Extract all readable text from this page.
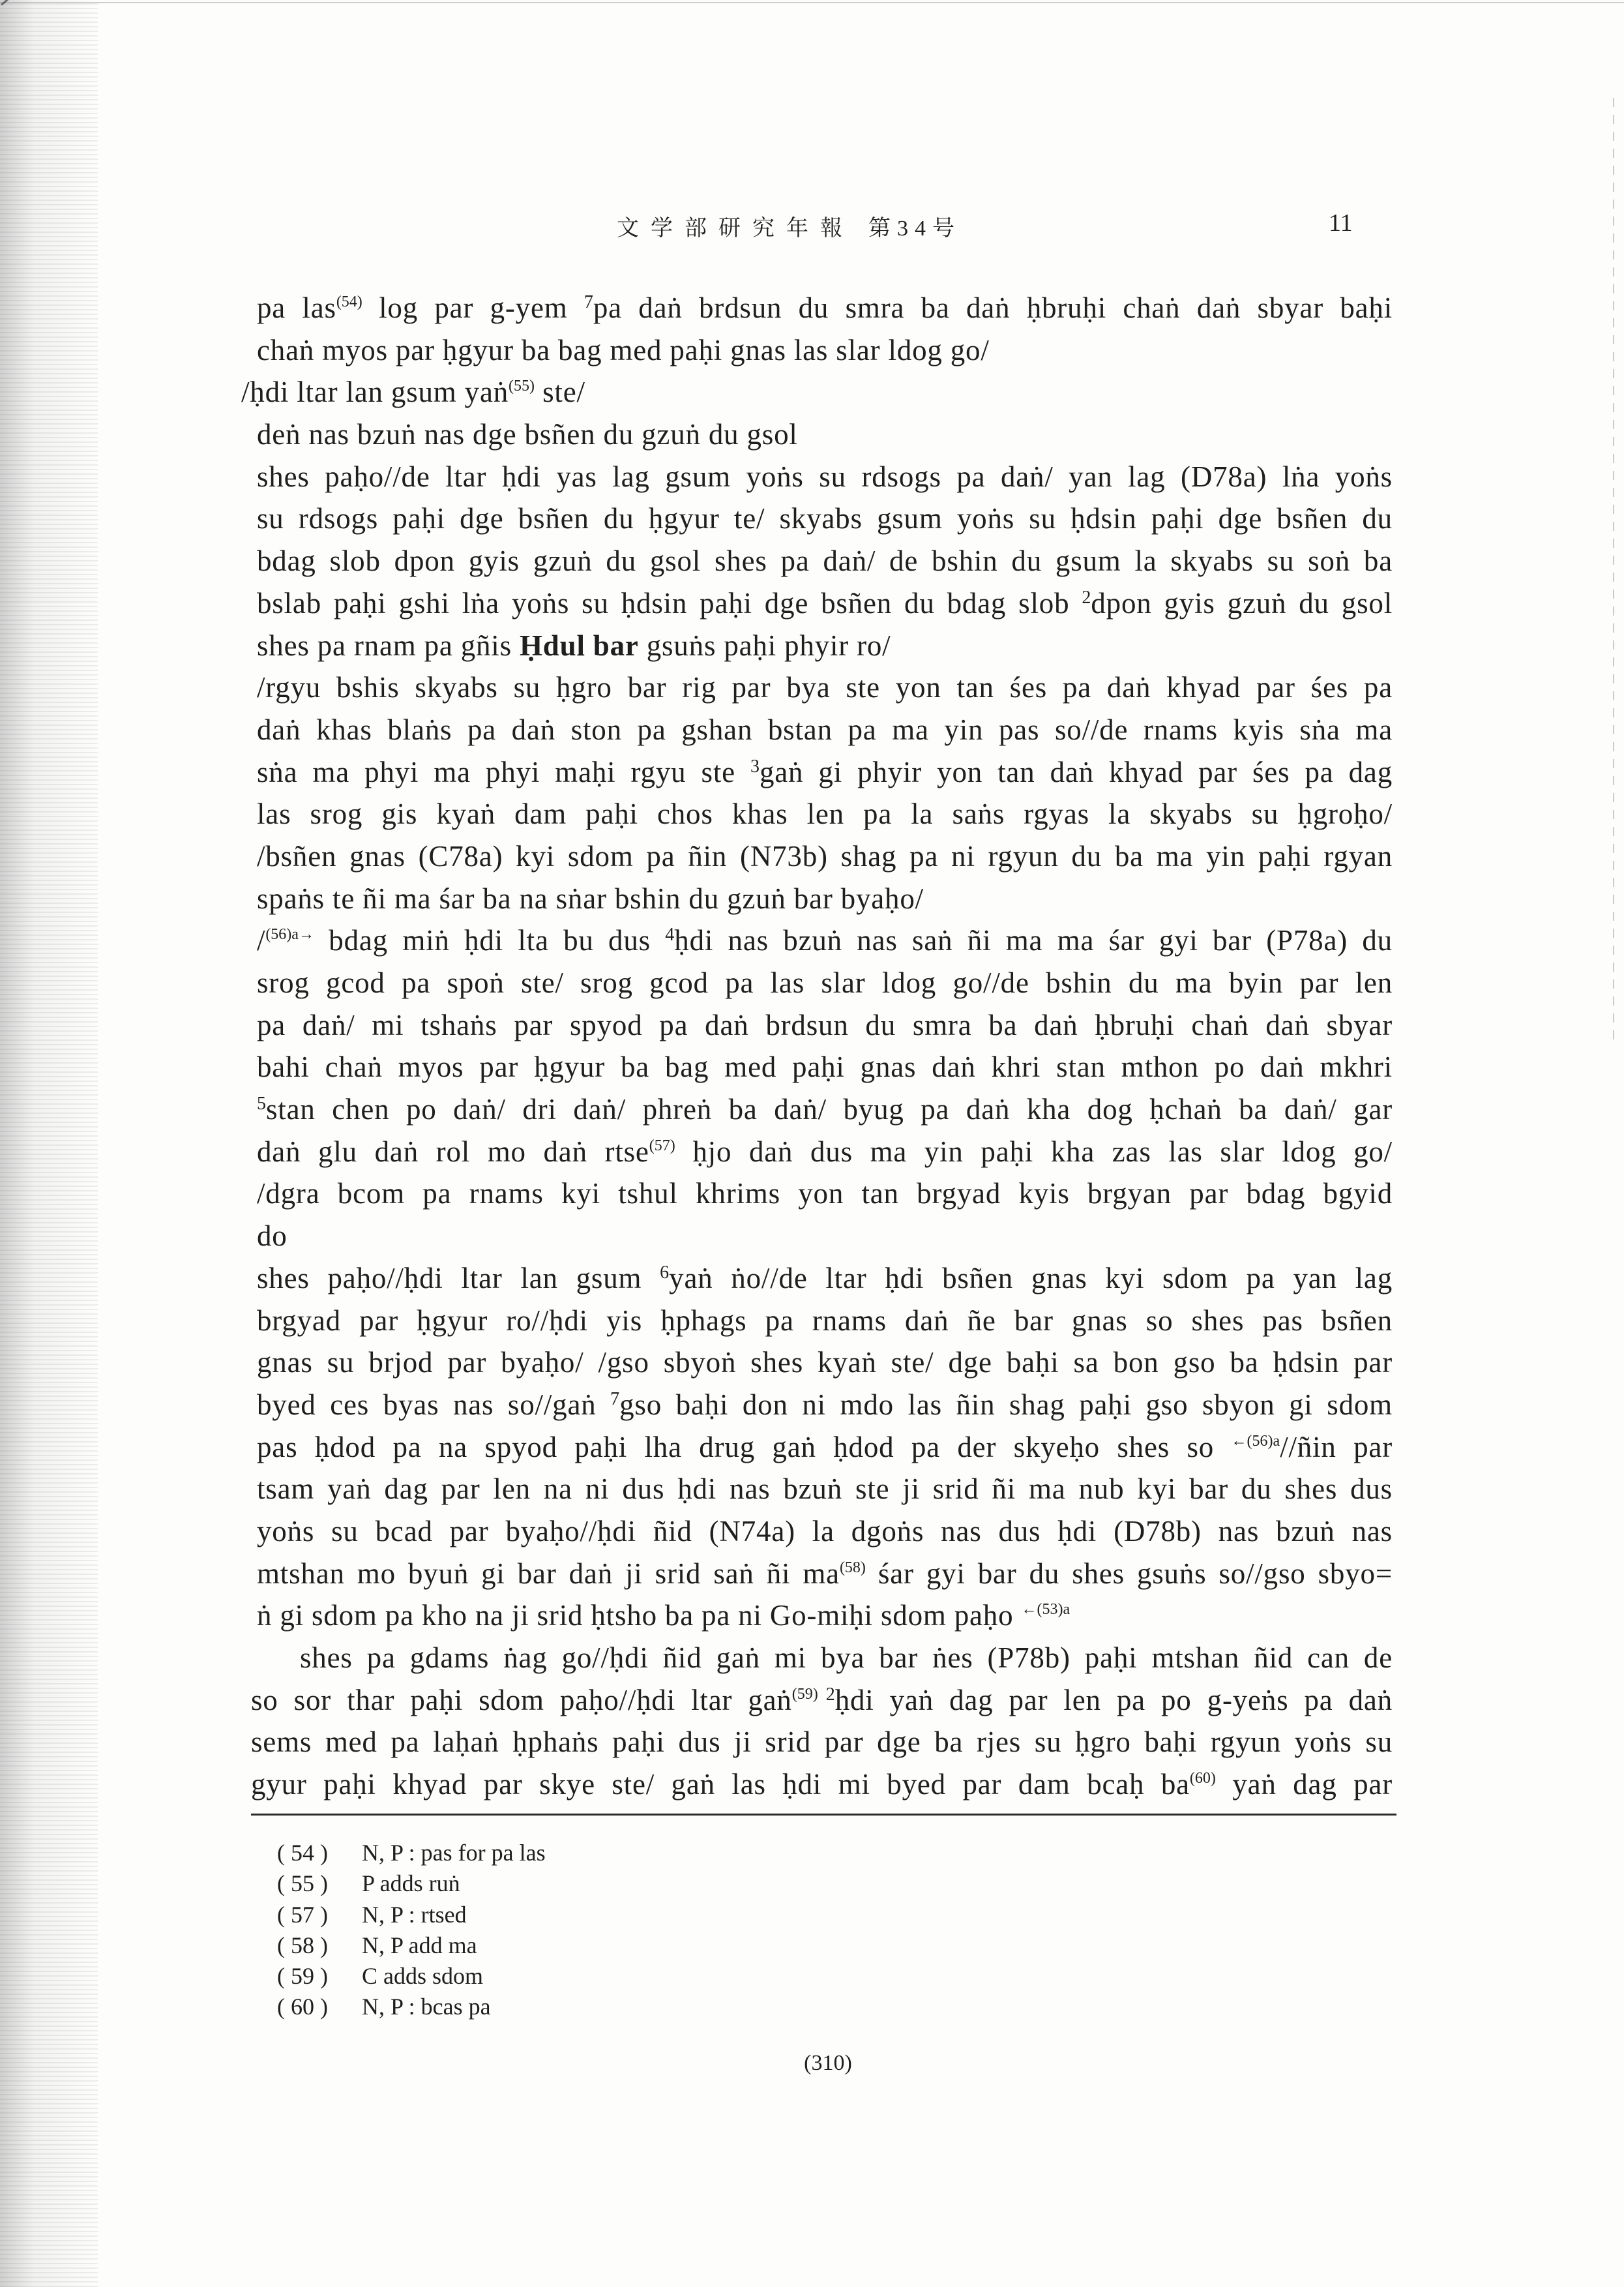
文学部研究年報 第34号	11
pa las$^{(54)}$ log par g-yem $^7$pa daṅ brdsun du smra ba daṅ ḥbruḥi chaṅ daṅ sbyar baḥi
chaṅ myos par ḥgyur ba bag med paḥi gnas las slar ldog go/
/ḥdi ltar lan gsum yaṅ$^{(55)}$ ste/
deṅ nas bzuṅ nas dge bsñen du gzuṅ du gsol
shes paḥo//de ltar ḥdi yas lag gsum yoṅs su rdsogs pa daṅ/ yan lag (D78a) lṅa yoṅs
su rdsogs paḥi dge bsñen du ḥgyur te/ skyabs gsum yoṅs su ḥdsin paḥi dge bsñen du
bdag slob dpon gyis gzuṅ du gsol shes pa daṅ/ de bshin du gsum la skyabs su soṅ ba
bslab paḥi gshi lṅa yoṅs su ḥdsin paḥi dge bsñen du bdag slob $^2$dpon gyis gzuṅ du gsol
shes pa rnam pa gñis Ḥdul bar gsuṅs paḥi phyir ro/
/rgyu bshis skyabs su ḥgro bar rig par bya ste yon tan śes pa daṅ khyad par śes pa
daṅ khas blaṅs pa daṅ ston pa gshan bstan pa ma yin pas so//de rnams kyis sṅa ma
sṅa ma phyi ma phyi maḥi rgyu ste $^3$gaṅ gi phyir yon tan daṅ khyad par śes pa dag
las srog gis kyaṅ dam paḥi chos khas len pa la saṅs rgyas la skyabs su ḥgroḥo/
/bsñen gnas (C78a) kyi sdom pa ñin (N73b) shag pa ni rgyun du ba ma yin paḥi rgyan
spaṅs te ñi ma śar ba na sṅar bshin du gzuṅ bar byaḥo/
/$^{(56)a\to}$ bdag miṅ ḥdi lta bu dus $^4$ḥdi nas bzuṅ nas saṅ ñi ma ma śar gyi bar (P78a) du
srog gcod pa spoṅ ste/ srog gcod pa las slar ldog go//de bshin du ma byin par len
pa daṅ/ mi tshaṅs par spyod pa daṅ brdsun du smra ba daṅ ḥbruḥi chaṅ daṅ sbyar
bahi chaṅ myos par ḥgyur ba bag med paḥi gnas daṅ khri stan mthon po daṅ mkhri
$^5$stan chen po daṅ/ dri daṅ/ phreṅ ba daṅ/ byug pa daṅ kha dog ḥchaṅ ba daṅ/ gar
daṅ glu daṅ rol mo daṅ rtse$^{(57)}$ ḥjo daṅ dus ma yin paḥi kha zas las slar ldog go/
/dgra bcom pa rnams kyi tshul khrims yon tan brgyad kyis brgyan par bdag bgyid
do
shes paḥo//ḥdi ltar lan gsum $^6$yaṅ ṅo//de ltar ḥdi bsñen gnas kyi sdom pa yan lag
brgyad par ḥgyur ro//ḥdi yis ḥphags pa rnams daṅ ñe bar gnas so shes pas bsñen
gnas su brjod par byaḥo/ /gso sbyoṅ shes kyaṅ ste/ dge baḥi sa bon gso ba ḥdsin par
byed ces byas nas so//gaṅ $^7$gso baḥi don ni mdo las ñin shag paḥi gso sbyon gi sdom
pas ḥdod pa na spyod paḥi lha drug gaṅ ḥdod pa der skyeḥo shes so $^{\leftarrow(56)a}$//ñin par
tsam yaṅ dag par len na ni dus ḥdi nas bzuṅ ste ji srid ñi ma nub kyi bar du shes dus
yoṅs su bcad par byaḥo//ḥdi ñid (N74a) la dgoṅs nas dus ḥdi (D78b) nas bzuṅ nas
mtshan mo byuṅ gi bar daṅ ji srid saṅ ñi ma$^{(58)}$ śar gyi bar du shes gsuṅs so//gso sbyo=
ṅ gi sdom pa kho na ji srid ḥtsho ba pa ni Go-miḥi sdom paḥo $^{\leftarrow(53)a}$
shes pa gdams ṅag go//ḥdi ñid gaṅ mi bya bar ṅes (P78b) paḥi mtshan ñid can de
so sor thar paḥi sdom paḥo//ḥdi ltar gaṅ$^{(59)}$ $^2$ḥdi yaṅ dag par len pa po g-yeṅs pa daṅ
sems med pa laḥaṅ ḥphaṅs paḥi dus ji srid par dge ba rjes su ḥgro baḥi rgyun yoṅs su
gyur paḥi khyad par skye ste/ gaṅ las ḥdi mi byed par dam bcaḥ ba$^{(60)}$ yaṅ dag par
( 54 )	N, P : pas for pa las
( 55 )	P adds ruṅ
( 57 )	N, P : rtsed
( 58 )	N, P add ma
( 59 )	C adds sdom
( 60 )	N, P : bcas pa
(310)
